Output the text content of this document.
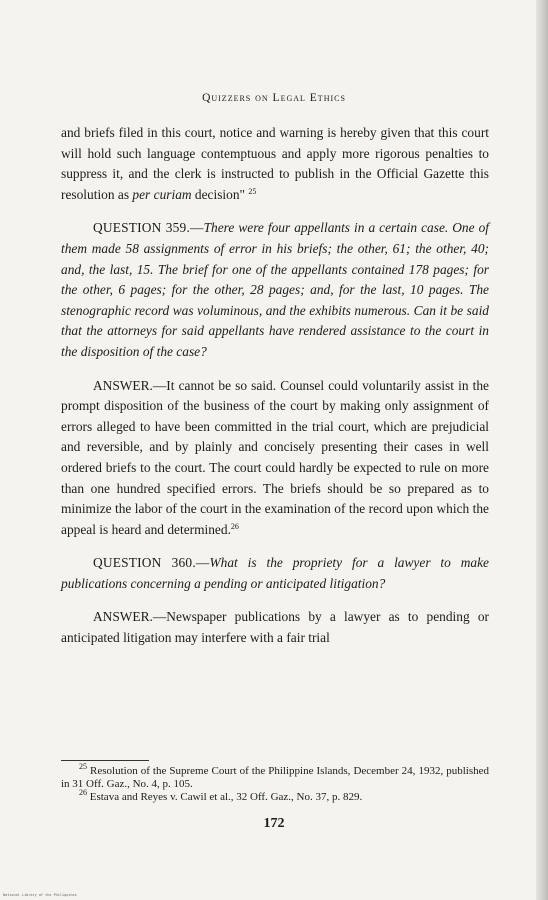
Quizzers on Legal Ethics

and briefs filed in this court, notice and warning is hereby given that this court will hold such language contemptuous and apply more rigorous penalties to suppress it, and the clerk is instructed to publish in the Official Gazette this resolution as per curiam decision" $^{25}$

QUESTION 359.—There were four appellants in a certain case. One of them made 58 assignments of error in his briefs; the other, 61; the other, 40; and, the last, 15. The brief for one of the appellants contained 178 pages; for the other, 6 pages; for the other, 28 pages; and, for the last, 10 pages. The stenographic record was voluminous, and the exhibits numerous. Can it be said that the attorneys for said appellants have rendered assistance to the court in the disposition of the case?

ANSWER.—It cannot be so said. Counsel could voluntarily assist in the prompt disposition of the business of the court by making only assignment of errors alleged to have been committed in the trial court, which are prejudicial and reversible, and by plainly and concisely presenting their cases in well ordered briefs to the court. The court could hardly be expected to rule on more than one hundred specified errors. The briefs should be so prepared as to minimize the labor of the court in the examination of the record upon which the appeal is heard and determined.$^{26}$

QUESTION 360.—What is the propriety for a lawyer to make publications concerning a pending or anticipated litigation?

ANSWER.—Newspaper publications by a lawyer as to pending or anticipated litigation may interfere with a fair trial

$^{25}$ Resolution of the Supreme Court of the Philippine Islands, December 24, 1932, published in 31 Off. Gaz., No. 4, p. 105.

$^{26}$ Estava and Reyes v. Cawil et al., 32 Off. Gaz., No. 37, p. 829.

172
National Library of the Philippines
